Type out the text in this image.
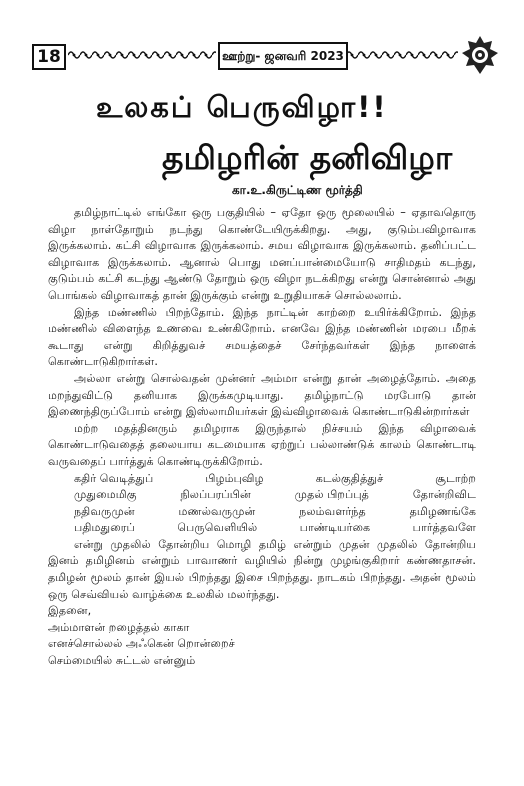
18	ஊற்று- ஜனவரி 2023
உலகப் பெருவிழா!!
தமிழரின் தனிவிழா
கா.உ.கிருட்டிண மூர்த்தி

தமிழ்நாட்டில் எங்கோ ஒரு பகுதியில் – ஏதோ ஒரு மூலையில் – ஏதாவதொரு விழா நாள்தோறும் நடந்து கொண்டேயிருக்கிறது. அது, குடும்பவிழாவாக இருக்கலாம். கட்சி விழாவாக இருக்கலாம். சமய விழாவாக இருக்கலாம். தனிப்பட்ட விழாவாக இருக்கலாம். ஆனால் பொது மனப்பான்மையோடு சாதிமதம் கடந்து, குடும்பம் கட்சி கடந்து ஆண்டு தோறும் ஒரு விழா நடக்கிறது என்று சொன்னால் அது பொங்கல் விழாவாகத் தான் இருக்கும் என்று உறுதியாகச் சொல்லலாம்.

இந்த மண்ணில் பிறந்தோம். இந்த நாட்டின் காற்றை உயிர்க்கிறோம். இந்த மண்ணில் விளைந்த உணவை உண்கிறோம். எனவே இந்த மண்ணின் மரபை மீறக் கூடாது என்று கிறித்துவச் சமயத்தைச் சேர்ந்தவர்கள் இந்த நாளைக் கொண்டாடுகிறார்கள்.

அல்லா என்று சொல்வதன் முன்னர் அம்மா என்று தான் அழைத்தோம். அதை மறந்துவிட்டு தனியாக இருக்கமுடியாது. தமிழ்நாட்டு மரபோடு தான் இணைந்திருப்போம் என்று இஸ்லாமியர்கள் இவ்விழாவைக் கொண்டாடுகின்றார்கள்

மற்ற மதத்தினரும் தமிழராக இருந்தால் நிச்சயம் இந்த விழாவைக் கொண்டாடுவதைத் தலையாய கடமையாக ஏற்றுப் பல்லாண்டுக் காலம் கொண்டாடி வருவதைப் பார்த்துக் கொண்டிருக்கிறோம்.

கதிர் வெடித்துப்	பிழம்புவிழ	கடல்குதித்துச்	சூடாற்ற
முதுமைமிகு	நிலப்பரப்பின்	முதல் பிறப்புத்	தோன்றிவிட
நதிவருமுன்	மணல்வருமுன்	நலம்வளர்ந்த	தமிழணங்கே
பதிமதுரைப்	பெருவெளியில்	பாண்டியர்கை	பார்த்தவளே

என்று முதலில் தோன்றிய மொழி தமிழ் என்றும் முதன் முதலில் தோன்றிய இனம் தமிழினம் என்றும் பாவாணர் வழியில் நின்று முழங்குகிறார் கண்ணதாசன். தமிழன் மூலம் தான் இயல் பிறந்தது இசை பிறந்தது. நாடகம் பிறந்தது. அதன் மூலம் ஒரு செவ்வியல் வாழ்க்கை உலகில் மலர்ந்தது.

இதனை,
அம்மாளன் றழைத்தல் காகா
எனச்சொல்லல் அஃகென் றொன்றைச்
செம்மையில் சுட்டல் என்னும்
